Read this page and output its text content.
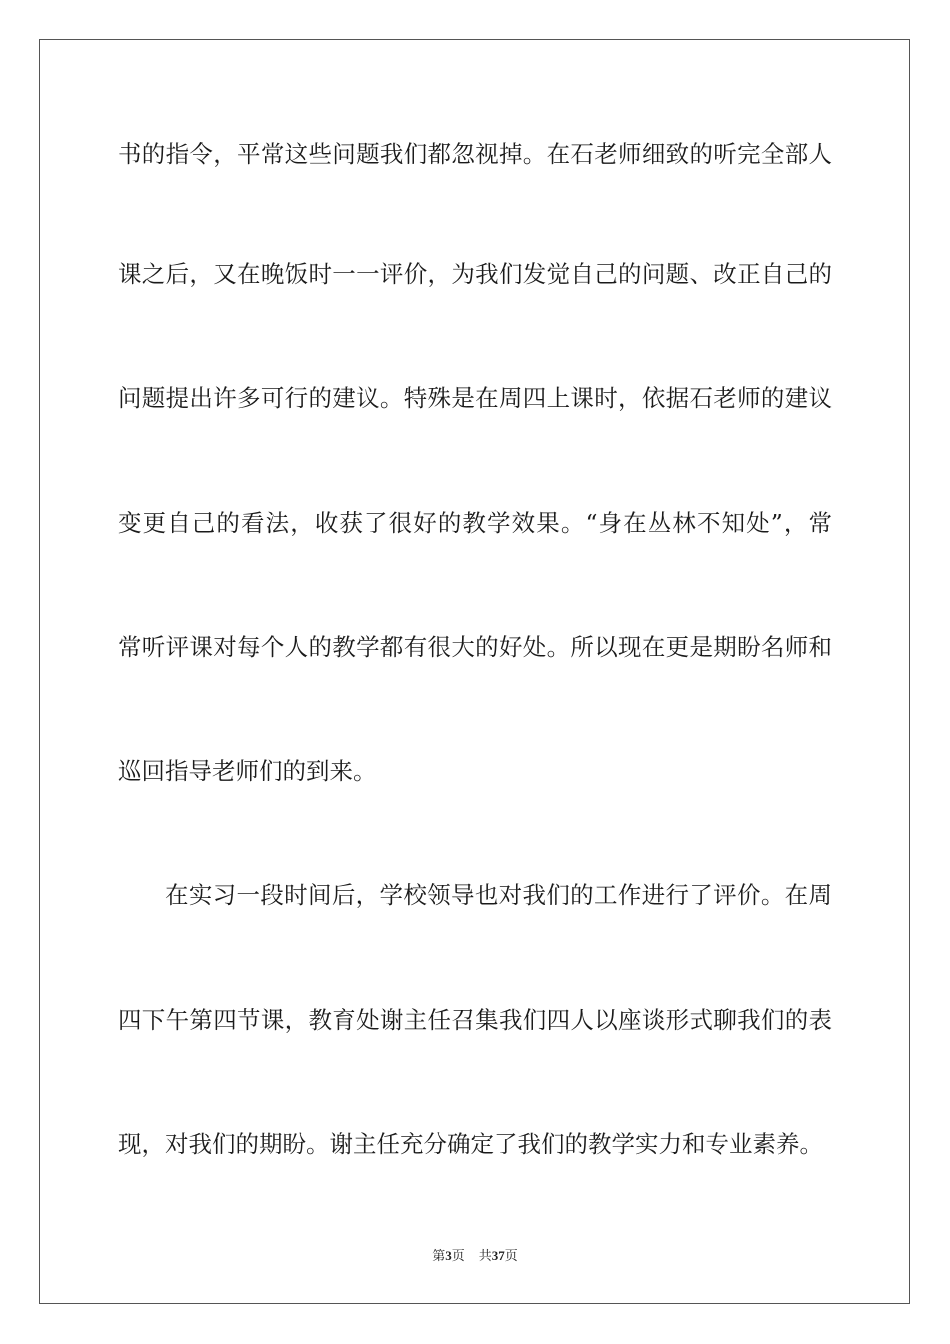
书的指令，平常这些问题我们都忽视掉。在石老师细致的听完全部人
课之后，又在晚饭时一一评价，为我们发觉自己的问题、改正自己的
问题提出许多可行的建议。特殊是在周四上课时，依据石老师的建议
变更自己的看法，收获了很好的教学效果。“身在丛林不知处”，常
常听评课对每个人的教学都有很大的好处。所以现在更是期盼名师和
巡回指导老师们的到来。
在实习一段时间后，学校领导也对我们的工作进行了评价。在周
四下午第四节课，教育处谢主任召集我们四人以座谈形式聊我们的表
现，对我们的期盼。谢主任充分确定了我们的教学实力和专业素养。
第3页 共37页
